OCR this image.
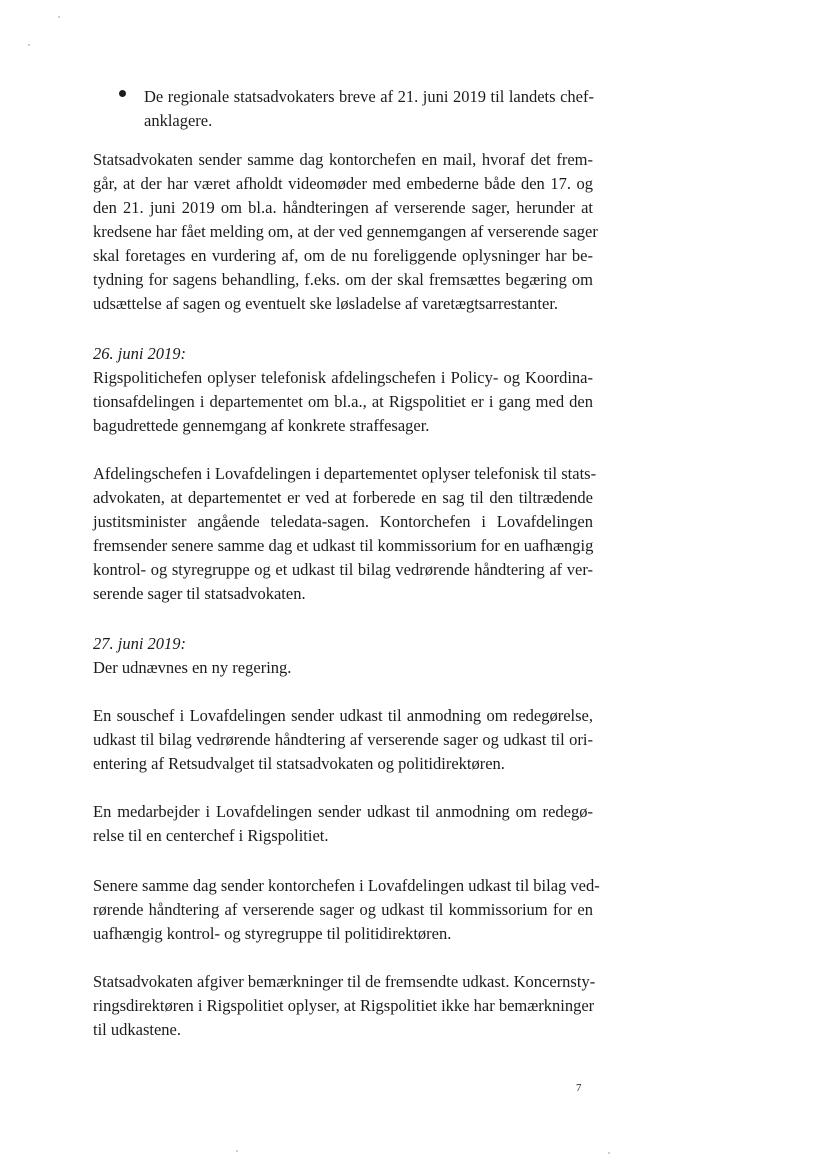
De regionale statsadvokaters breve af 21. juni 2019 til landets chef-
anklagere.
Statsadvokaten sender samme dag kontorchefen en mail, hvoraf det frem-
går, at der har været afholdt videomøder med embederne både den 17. og
den 21. juni 2019 om bl.a. håndteringen af verserende sager, herunder at
kredsene har fået melding om, at der ved gennemgangen af verserende sager
skal foretages en vurdering af, om de nu foreliggende oplysninger har be-
tydning for sagens behandling, f.eks. om der skal fremsættes begæring om
udsættelse af sagen og eventuelt ske løsladelse af varetægtsarrestanter.
26. juni 2019:
Rigspolitichefen oplyser telefonisk afdelingschefen i Policy- og Koordina-
tionsafdelingen i departementet om bl.a., at Rigspolitiet er i gang med den
bagudrettede gennemgang af konkrete straffesager.
Afdelingschefen i Lovafdelingen i departementet oplyser telefonisk til stats-
advokaten, at departementet er ved at forberede en sag til den tiltrædende
justitsminister angående teledata-sagen. Kontorchefen i Lovafdelingen
fremsender senere samme dag et udkast til kommissorium for en uafhængig
kontrol- og styregruppe og et udkast til bilag vedrørende håndtering af ver-
serende sager til statsadvokaten.
27. juni 2019:
Der udnævnes en ny regering.
En souschef i Lovafdelingen sender udkast til anmodning om redegørelse,
udkast til bilag vedrørende håndtering af verserende sager og udkast til ori-
entering af Retsudvalget til statsadvokaten og politidirektøren.
En medarbejder i Lovafdelingen sender udkast til anmodning om redegø-
relse til en centerchef i Rigspolitiet.
Senere samme dag sender kontorchefen i Lovafdelingen udkast til bilag ved-
rørende håndtering af verserende sager og udkast til kommissorium for en
uafhængig kontrol- og styregruppe til politidirektøren.
Statsadvokaten afgiver bemærkninger til de fremsendte udkast. Koncernsty-
ringsdirektøren i Rigspolitiet oplyser, at Rigspolitiet ikke har bemærkninger
til udkastene.
7
